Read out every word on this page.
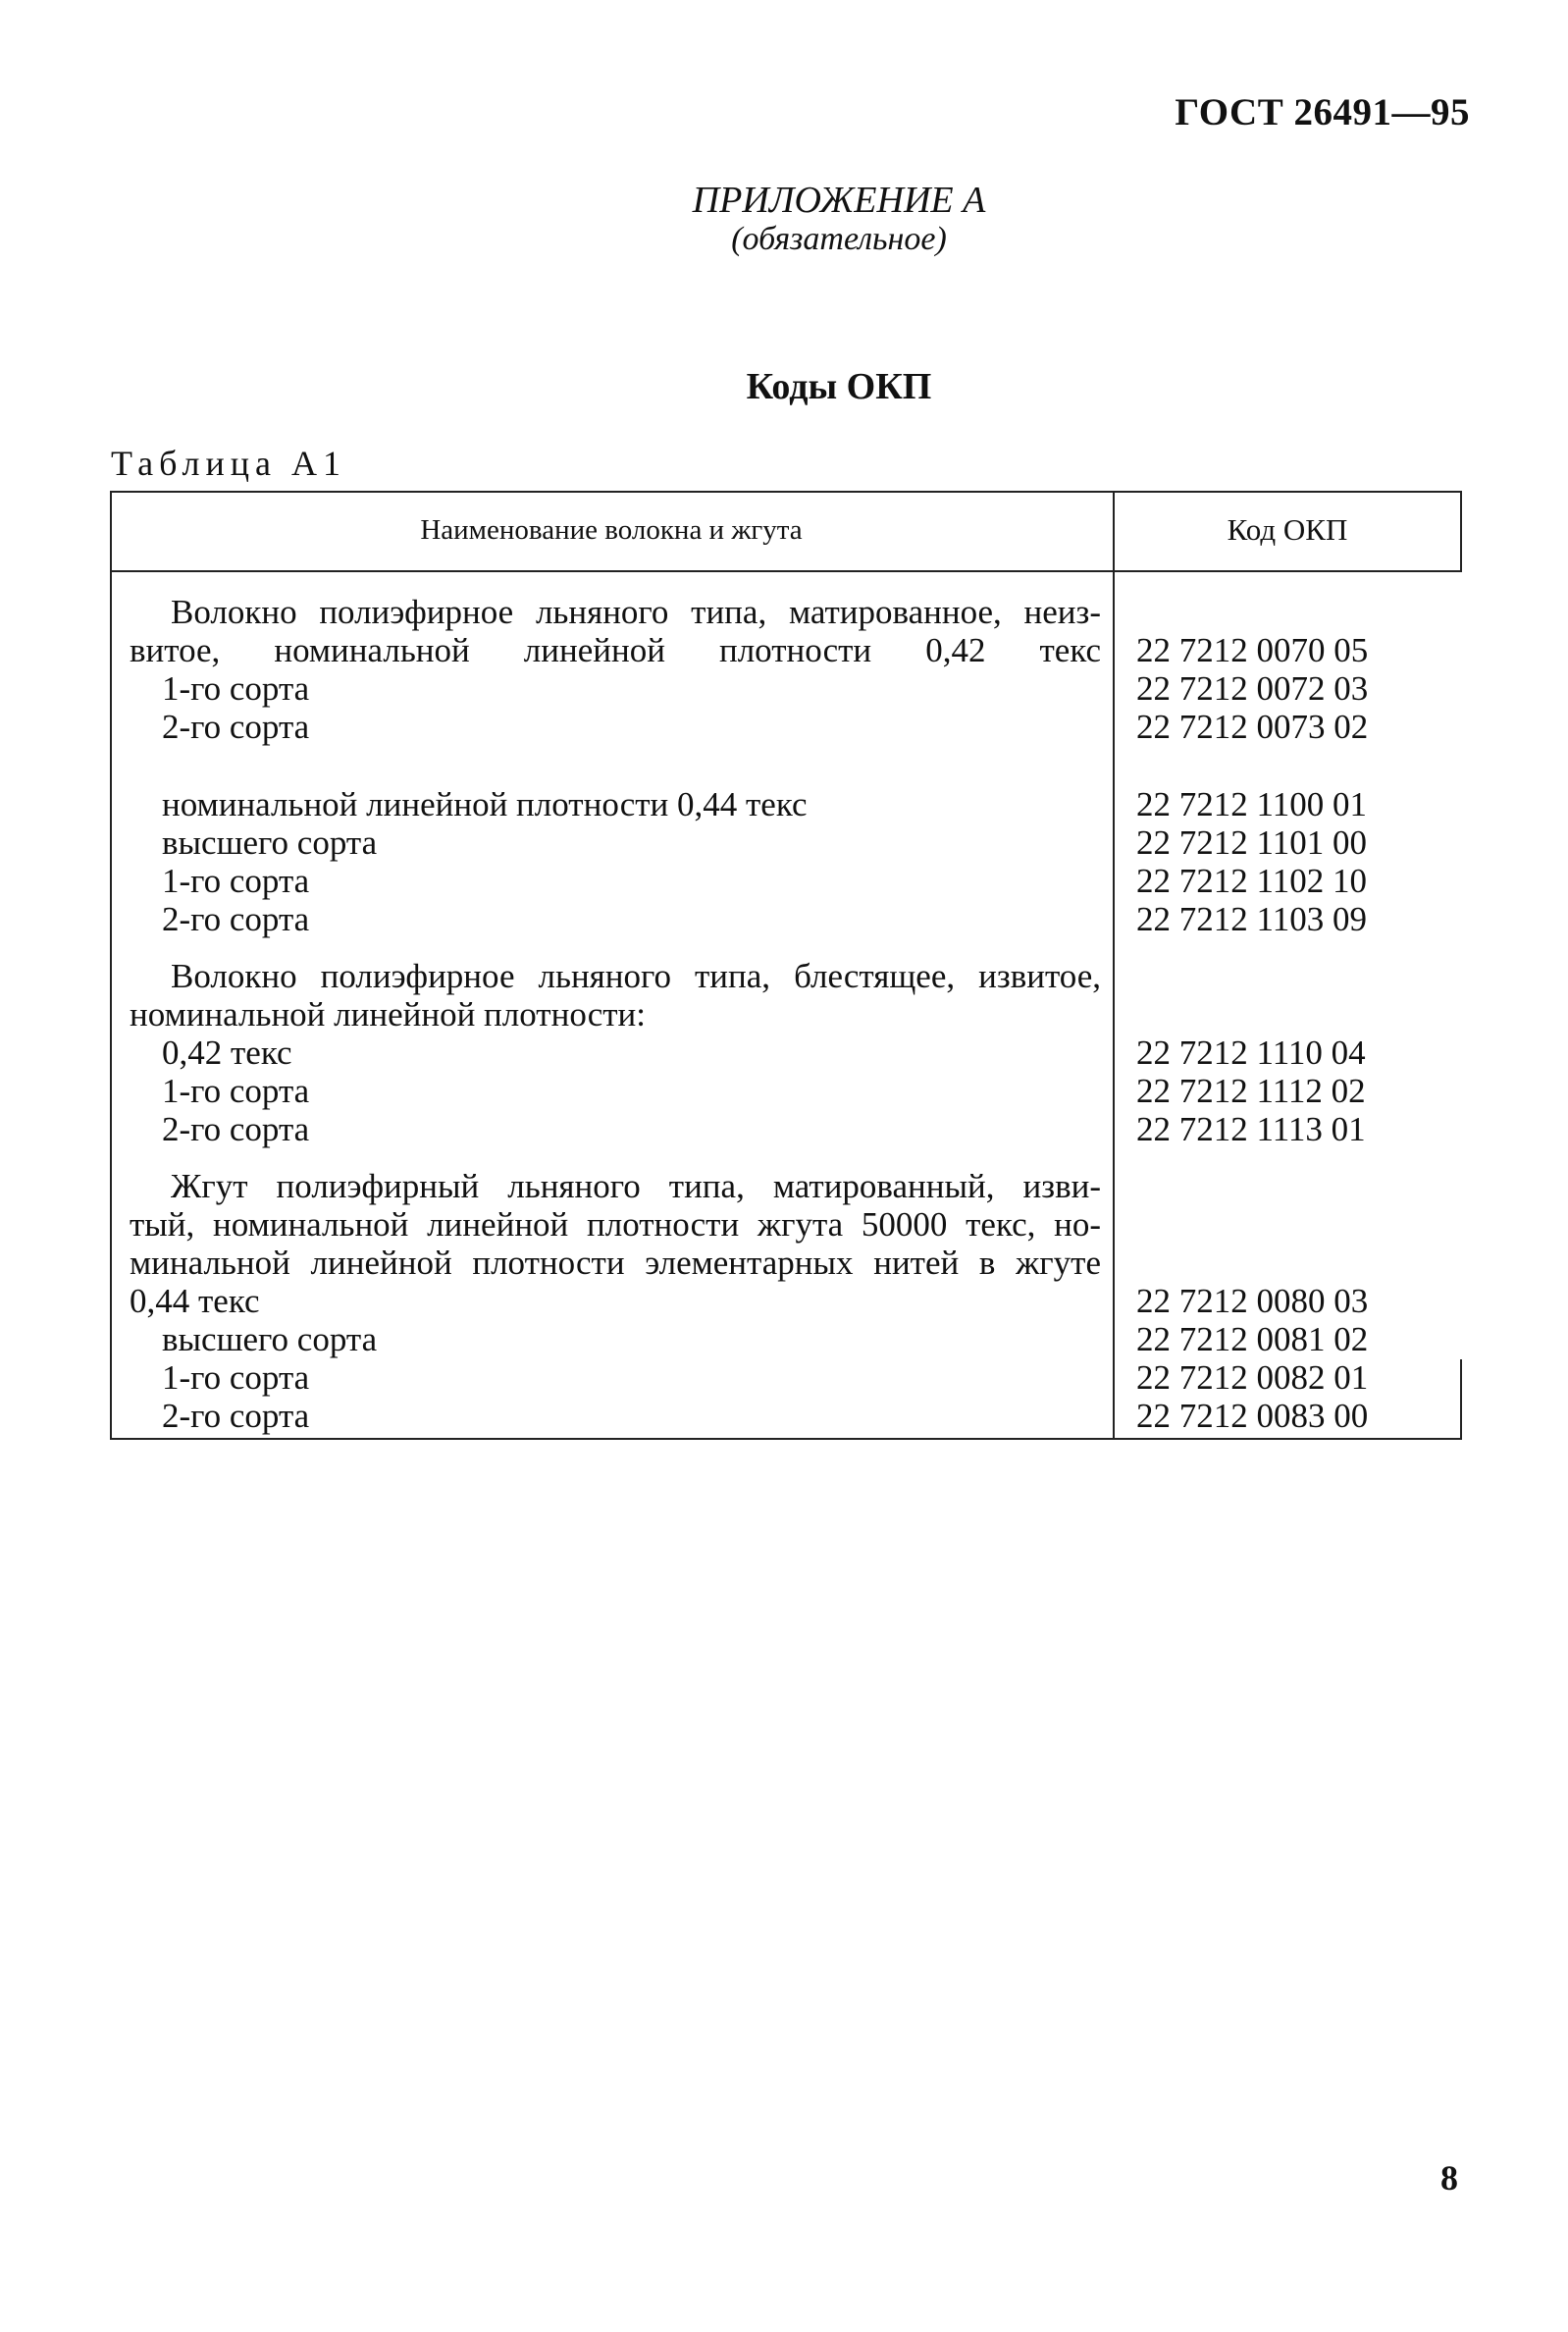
ГОСТ 26491—95
ПРИЛОЖЕНИЕ А
(обязательное)
Коды ОКП
Таблица А1
Наименование волокна и жгута	Код ОКП
Волокно полиэфирное льняного типа, матированное, неиз-
витое, номинальной линейной плотности 0,42 текс 22 7212 0070 05
1-го сорта	22 7212 0072 03
2-го сорта	22 7212 0073 02
номинальной линейной плотности 0,44 текс	22 7212 1100 01
высшего сорта	22 7212 1101 00
1-го сорта	22 7212 1102 10
2-го сорта	22 7212 1103 09
Волокно полиэфирное льняного типа, блестящее, извитое,
номинальной линейной плотности:
0,42 текс	22 7212 1110 04
1-го сорта	22 7212 1112 02
2-го сорта	22 7212 1113 01
Жгут полиэфирный льняного типа, матированный, изви-
тый, номинальной линейной плотности жгута 50000 текс, но-
минальной линейной плотности элементарных нитей в жгуте
0,44 текс	22 7212 0080 03
высшего сорта	22 7212 0081 02
1-го сорта	22 7212 0082 01
2-го сорта	22 7212 0083 00
8
